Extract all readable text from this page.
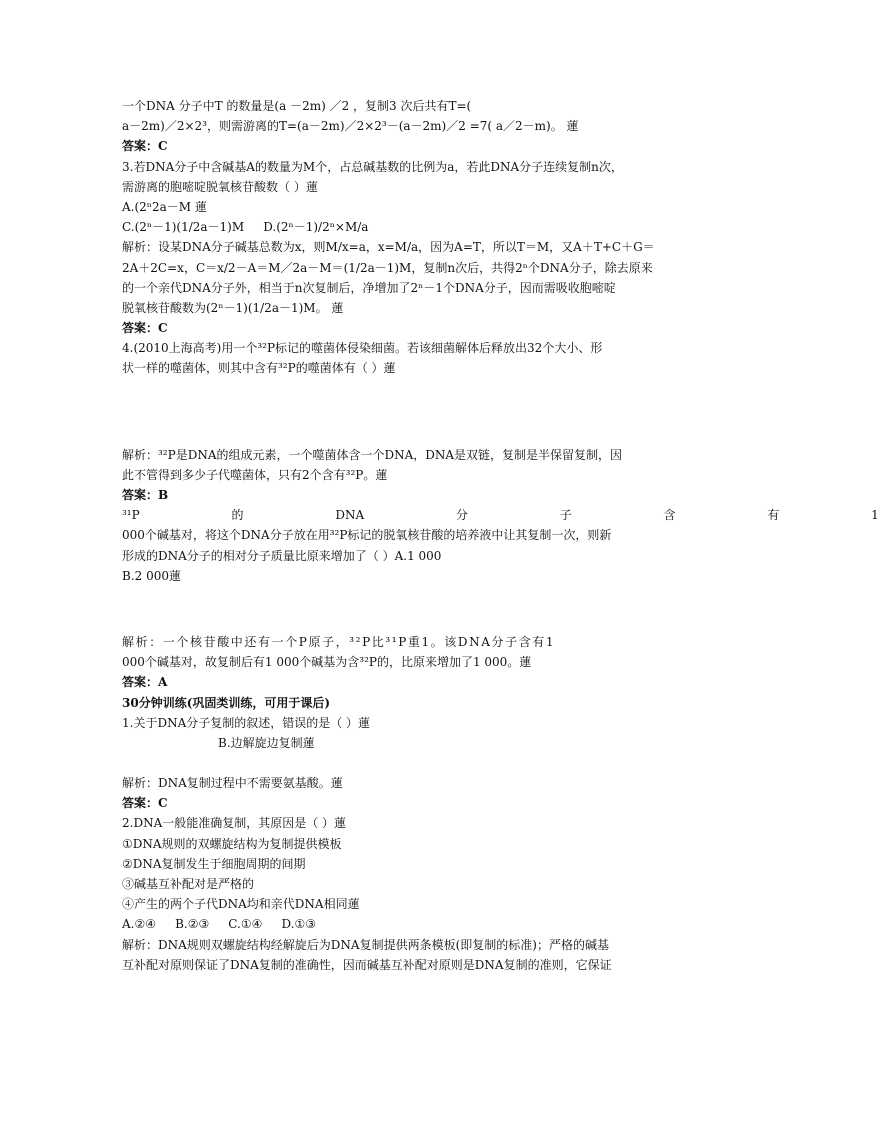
一个DNA 分子中T 的数量是(a －2m) ／2 ，复制3 次后共有T=(
a－2m)／2×2³，则需游离的T=(a－2m)／2×2³－(a－2m)／2 =7( a／2－m)。 蓮
答案：C
3.若DNA分子中含碱基A的数量为M个，占总碱基数的比例为a，若此DNA分子连续复制n次，
需游离的胞嘧啶脱氧核苷酸数（ ）蓮
A.(2ⁿ2a－M 蓮
C.(2ⁿ－1)(1/2a－1)M     D.(2ⁿ－1)/2ⁿ×M/a
解析：设某DNA分子碱基总数为x，则M/x=a，x=M/a，因为A=T，所以T＝M，又A＋T+C＋G＝
2A＋2C=x，C＝x/2－A＝M／2a－M＝(1/2a－1)M，复制n次后，共得2ⁿ个DNA分子，除去原来
的一个亲代DNA分子外，相当于n次复制后，净增加了2ⁿ－1个DNA分子，因而需吸收胞嘧啶
脱氧核苷酸数为(2ⁿ－1)(1/2a－1)M。 蓮
答案：C
4.(2010上海高考)用一个³²P标记的噬菌体侵染细菌。若该细菌解体后释放出32个大小、形
状一样的噬菌体，则其中含有³²P的噬菌体有（ ）蓮
解析：³²P是DNA的组成元素，一个噬菌体含一个DNA，DNA是双链，复制是半保留复制，因
此不管得到多少子代噬菌体，只有2个含有³²P。蓮
答案：B
³¹P 的 DNA 分 子 含 有 1
000个碱基对，将这个DNA分子放在用³²P标记的脱氧核苷酸的培养液中让其复制一次，则新
形成的DNA分子的相对分子质量比原来增加了（ ）A.1 000
B.2 000蓮
解析：一个核苷酸中还有一个P原子，³²P比³¹P重1。该DNA分子含有1
000个碱基对，故复制后有1 000个碱基为含³²P的，比原来增加了1 000。蓮
答案：A
30分钟训练(巩固类训练，可用于课后)
1.关于DNA分子复制的叙述，错误的是（ ）蓮
B.边解旋边复制蓮
解析：DNA复制过程中不需要氨基酸。蓮
答案：C
2.DNA一般能准确复制，其原因是（ ）蓮
①DNA规则的双螺旋结构为复制提供模板
②DNA复制发生于细胞周期的间期
③碱基互补配对是严格的
④产生的两个子代DNA均和亲代DNA相同蓮
A.②④     B.②③     C.①④     D.①③
解析：DNA规则双螺旋结构经解旋后为DNA复制提供两条模板(即复制的标准)；严格的碱基
互补配对原则保证了DNA复制的准确性，因而碱基互补配对原则是DNA复制的准则，它保证
